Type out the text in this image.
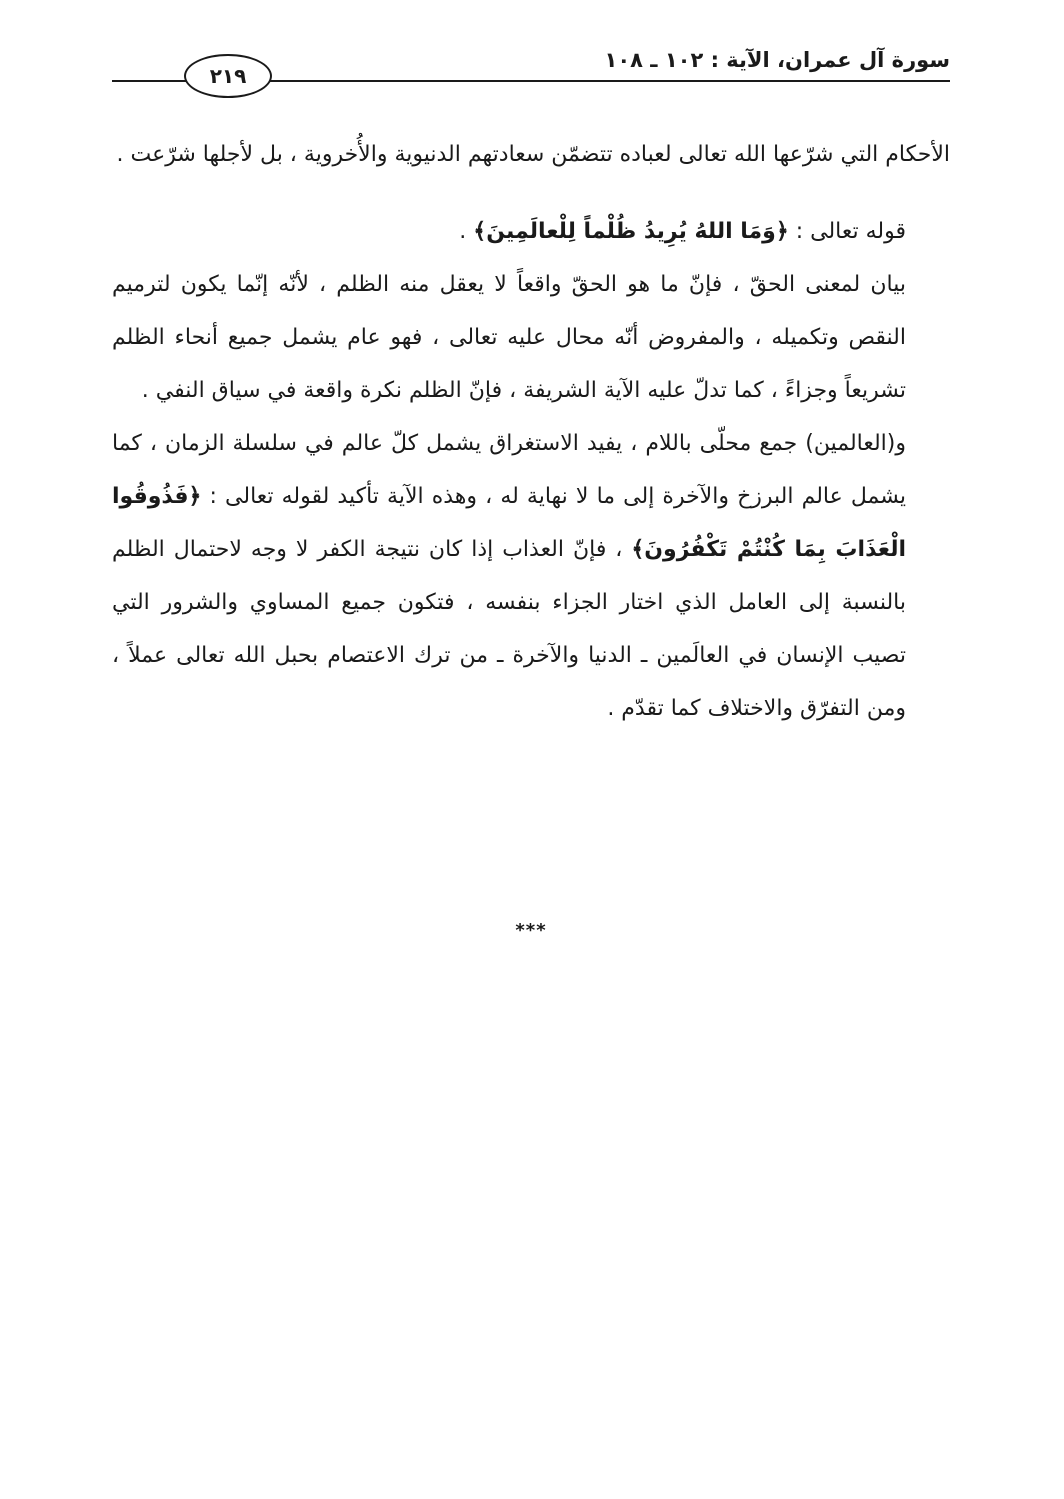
سورة آل عمران، الآية : ١٠٢ ـ ١٠٨
٢١٩

الأحكام التي شرّعها الله تعالى لعباده تتضمّن سعادتهم الدنيوية والأُخروية ، بل لأجلها شرّعت .

قوله تعالى : ﴿وَمَا اللهُ يُرِيدُ ظُلْماً لِلْعالَمِينَ﴾ .

بيان لمعنى الحقّ ، فإنّ ما هو الحقّ واقعاً لا يعقل منه الظلم ، لأنّه إنّما يكون لترميم النقص وتكميله ، والمفروض أنّه محال عليه تعالى ، فهو عام يشمل جميع أنحاء الظلم تشريعاً وجزاءً ، كما تدلّ عليه الآية الشريفة ، فإنّ الظلم نكرة واقعة في سياق النفي .

و(العالمين) جمع محلّى باللام ، يفيد الاستغراق يشمل كلّ عالم في سلسلة الزمان ، كما يشمل عالم البرزخ والآخرة إلى ما لا نهاية له ، وهذه الآية تأكيد لقوله تعالى : ﴿فَذُوقُوا الْعَذَابَ بِمَا كُنْتُمْ تَكْفُرُونَ﴾ ، فإنّ العذاب إذا كان نتيجة الكفر لا وجه لاحتمال الظلم بالنسبة إلى العامل الذي اختار الجزاء بنفسه ، فتكون جميع المساوي والشرور التي تصيب الإنسان في العالَمين ـ الدنيا والآخرة ـ من ترك الاعتصام بحبل الله تعالى عملاً ، ومن التفرّق والاختلاف كما تقدّم .

***
